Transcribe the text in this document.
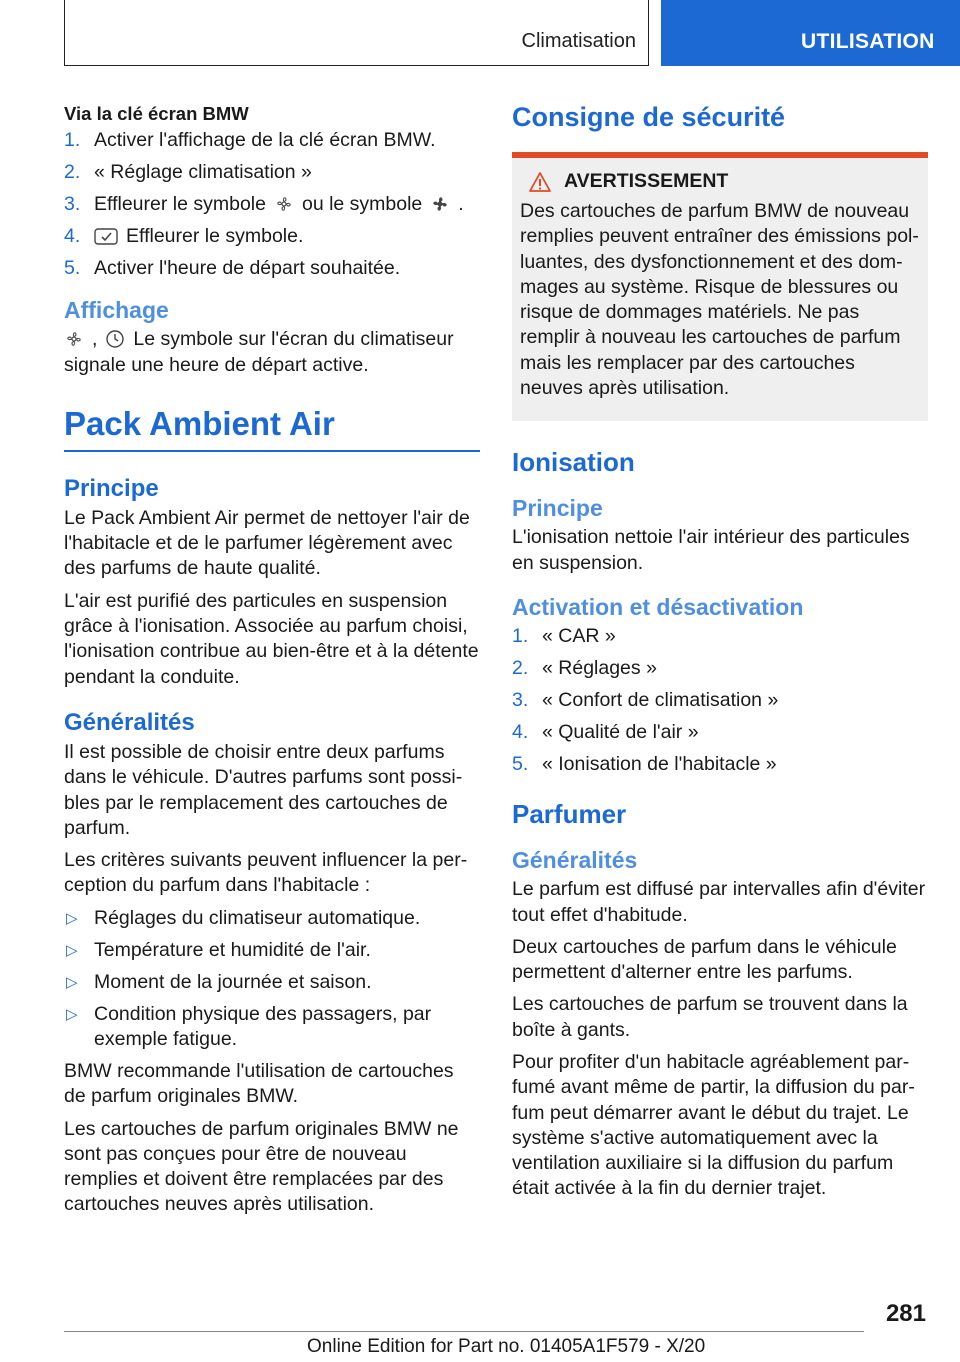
Climatisation	UTILISATION

Via la clé écran BMW

1. Activer l'affichage de la clé écran BMW.
2. « Réglage climatisation »
3. Effleurer le symbole ou le symbole .
4. Effleurer le symbole.
5. Activer l'heure de départ souhaitée.
Affichage

, Le symbole sur l'écran du climatiseur
signale une heure de départ active.

Pack Ambient Air
Principe

Le Pack Ambient Air permet de nettoyer l'air de l'habitacle et de le parfumer légèrement avec des parfums de haute qualité.

L'air est purifié des particules en suspension grâce à l'ionisation. Associée au parfum choisi, l'ionisation contribue au bien-être et à la détente pendant la conduite.

Généralités

Il est possible de choisir entre deux parfums dans le véhicule. D'autres parfums sont possibles par le remplacement des cartouches de parfum.

Les critères suivants peuvent influencer la perception du parfum dans l'habitacle :

▷ Réglages du climatiseur automatique.
▷ Température et humidité de l'air.
▷ Moment de la journée et saison.
▷ Condition physique des passagers, par exemple fatigue.

BMW recommande l'utilisation de cartouches de parfum originales BMW.

Les cartouches de parfum originales BMW ne sont pas conçues pour être de nouveau remplies et doivent être remplacées par des cartouches neuves après utilisation.

Consigne de sécurité
AVERTISSEMENT

Des cartouches de parfum BMW de nouveau remplies peuvent entraîner des émissions polluantes, des dysfonctionnement et des dommages au système. Risque de blessures ou risque de dommages matériels. Ne pas remplir à nouveau les cartouches de parfum mais les remplacer par des cartouches neuves après utilisation.

Ionisation
Principe

L'ionisation nettoie l'air intérieur des particules en suspension.

Activation et désactivation
1. « CAR »
2. « Réglages »
3. « Confort de climatisation »
4. « Qualité de l'air »
5. « Ionisation de l'habitacle »
Parfumer
Généralités

Le parfum est diffusé par intervalles afin d'éviter tout effet d'habitude.

Deux cartouches de parfum dans le véhicule permettent d'alterner entre les parfums.

Les cartouches de parfum se trouvent dans la boîte à gants.

Pour profiter d'un habitacle agréablement parfumé avant même de partir, la diffusion du parfum peut démarrer avant le début du trajet. Le système s'active automatiquement avec la ventilation auxiliaire si la diffusion du parfum était activée à la fin du dernier trajet.

281
Online Edition for Part no. 01405A1F579 - X/20
